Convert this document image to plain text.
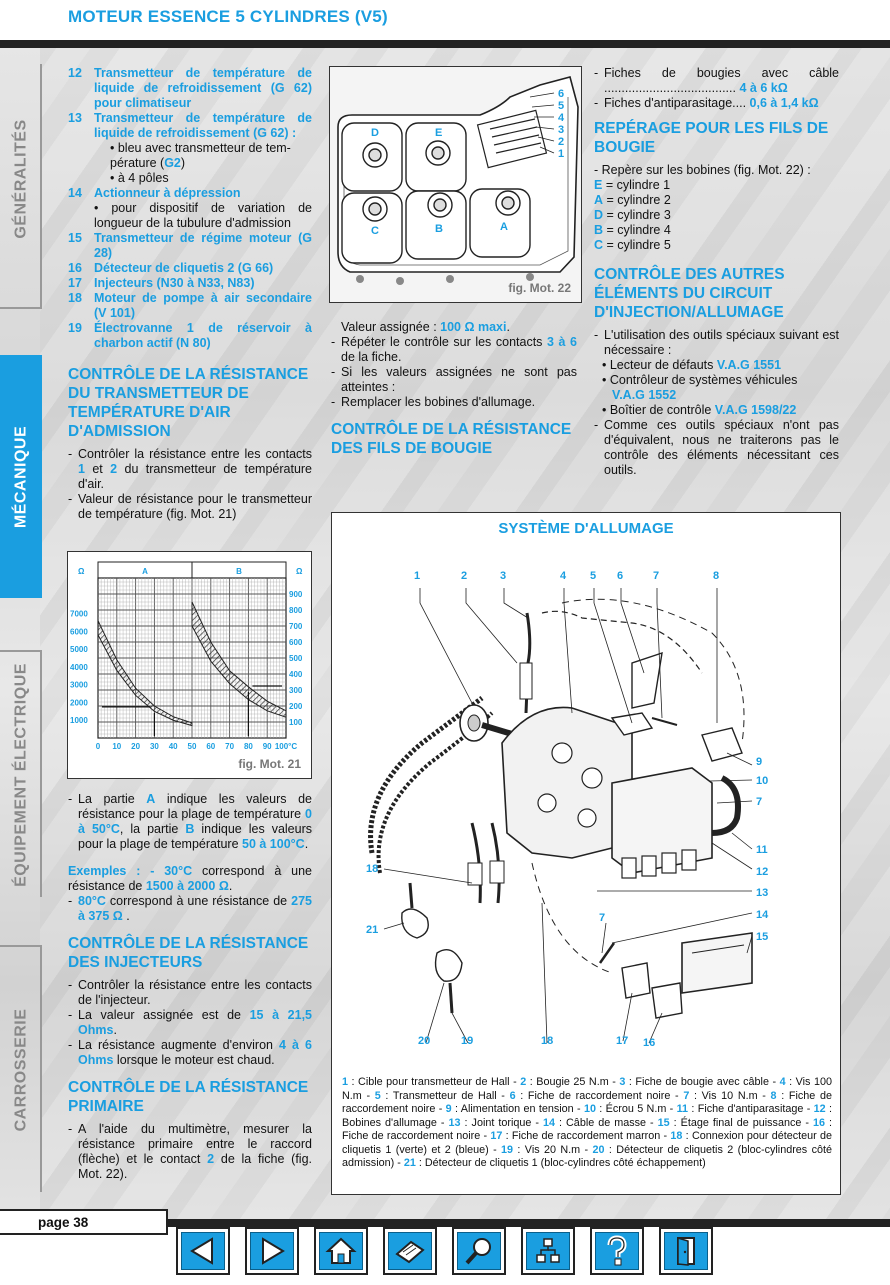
MOTEUR ESSENCE 5 CYLINDRES (V5)
GÉNÉRALITÉS
MÉCANIQUE
ÉQUIPEMENT ÉLECTRIQUE
CARROSSERIE
12 Transmetteur de température de liquide de refroidissement (G 62) pour climatiseur
13 Transmetteur de température de liquide de refroidissement (G 62) :
• bleu avec transmetteur de tem-
pérature (G2)
• à 4 pôles
14 Actionneur à dépression
• pour dispositif de variation de longueur de la tubulure d'admission
15 Transmetteur de régime moteur (G 28)
16 Détecteur de cliquetis 2 (G 66)
17 Injecteurs (N30 à N33, N83)
18 Moteur de pompe à air secondaire (V 101)
19 Électrovanne 1 de réservoir à charbon actif (N 80)
CONTRÔLE DE LA RÉSISTANCE DU TRANSMETTEUR DE TEMPÉRATURE D'AIR D'ADMISSION
- Contrôler la résistance entre les contacts 1 et 2 du transmetteur de température d'air.
- Valeur de résistance pour le transmetteur de température (fig. Mot. 21)
A	B
Ω	Ω
0 10 20 30 40 50 60 70 80 90 100°C
1000
2000
3000
4000
5000
6000
7000
100
200
300
400
500
600
700
800
900
fig. Mot. 21
- La partie A indique les valeurs de résistance pour la plage de température 0 à 50°C, la partie B indique les valeurs pour la plage de température 50 à 100°C.
Exemples : - 30°C correspond à une résistance de 1500 à 2000 Ω.
- 80°C correspond à une résistance de 275 à 375 Ω .
CONTRÔLE DE LA RÉSISTANCE DES INJECTEURS
- Contrôler la résistance entre les contacts de l'injecteur.
- La valeur assignée est de 15 à 21,5 Ohms.
- La résistance augmente d'environ 4 à 6 Ohms lorsque le moteur est chaud.
CONTRÔLE DE LA RÉSISTANCE PRIMAIRE
- A l'aide du multimètre, mesurer la résistance primaire entre le raccord (flèche) et le contact 2 de la fiche (fig. Mot. 22).
D	E
C	B	A
6
5
4
3
2
1
fig. Mot. 22
Valeur assignée : 100 Ω maxi.
- Répéter le contrôle sur les contacts 3 à 6 de la fiche.
- Si les valeurs assignées ne sont pas atteintes :
- Remplacer les bobines d'allumage.
CONTRÔLE DE LA RÉSISTANCE DES FILS DE BOUGIE
- Fiches de bougies avec câble ...................................... 4 à 6 kΩ
- Fiches d'antiparasitage.... 0,6 à 1,4 kΩ
REPÉRAGE POUR LES FILS DE BOUGIE
- Repère sur les bobines (fig. Mot. 22) :
E = cylindre 1
A = cylindre 2
D = cylindre 3
B = cylindre 4
C = cylindre 5
CONTRÔLE DES AUTRES ÉLÉMENTS DU CIRCUIT D'INJECTION/ALLUMAGE
- L'utilisation des outils spéciaux suivant est nécessaire :
• Lecteur de défauts V.A.G 1551
• Contrôleur de systèmes véhicules
V.A.G 1552
• Boîtier de contrôle V.A.G 1598/22
- Comme ces outils spéciaux n'ont pas d'équivalent, nous ne traiterons pas le contrôle des éléments nécessitant ces outils.
SYSTÈME D'ALLUMAGE
1	2	3	4 5 6	7	8
9
10
7
11
12
13
14
15
18
21
7
20	19	18	17 16
1 : Cible pour transmetteur de Hall - 2 : Bougie 25 N.m - 3 : Fiche de bougie avec câble - 4 : Vis 100 N.m - 5 : Transmetteur de Hall - 6 : Fiche de raccordement noire - 7 : Vis 10 N.m - 8 : Fiche de raccordement noire - 9 : Alimentation en tension - 10 : Écrou 5 N.m - 11 : Fiche d'antiparasitage - 12 : Bobines d'allumage - 13 : Joint torique - 14 : Câble de masse - 15 : Étage final de puissance - 16 : Fiche de raccordement noire - 17 : Fiche de raccordement marron - 18 : Connexion pour détecteur de cliquetis 1 (verte) et 2 (bleue) - 19 : Vis 20 N.m - 20 : Détecteur de cliquetis 2 (bloc-cylindres côté admission) - 21 : Détecteur de cliquetis 1 (bloc-cylindres côté échappement)
page 38
